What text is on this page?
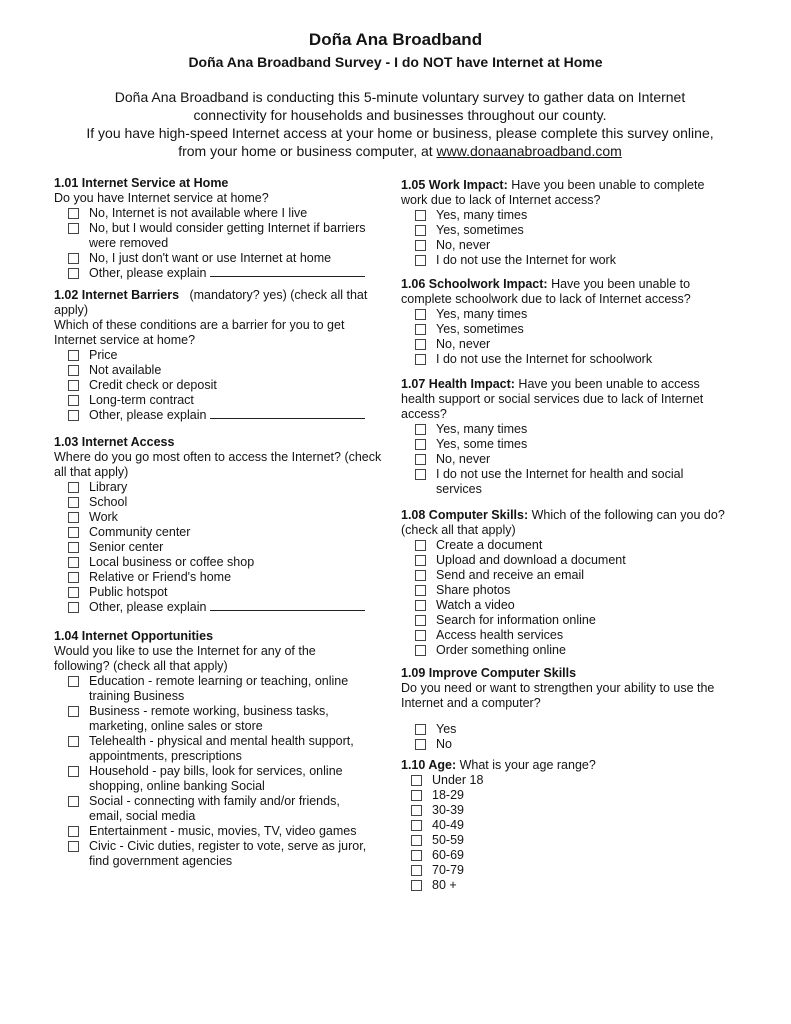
Doña Ana Broadband
Doña Ana Broadband Survey - I do NOT have Internet at Home
Doña Ana Broadband is conducting this 5-minute voluntary survey to gather data on Internet connectivity for households and businesses throughout our county.
If you have high-speed Internet access at your home or business, please complete this survey online, from your home or business computer, at www.donaanabroadband.com

1.01 Internet Service at Home

Do you have Internet service at home?

No, Internet is not available where I live
No, but I would consider getting Internet if barriers were removed
No, I just don't want or use Internet at home
Other, please explain

1.02 Internet Barriers (mandatory? yes) (check all that apply)

Which of these conditions are a barrier for you to get Internet service at home?

Price
Not available
Credit check or deposit
Long-term contract
Other, please explain

1.03 Internet Access

Where do you go most often to access the Internet? (check all that apply)

Library
School
Work
Community center
Senior center
Local business or coffee shop
Relative or Friend's home
Public hotspot
Other, please explain

1.04 Internet Opportunities

Would you like to use the Internet for any of the following? (check all that apply)

Education - remote learning or teaching, online training Business
Business - remote working, business tasks, marketing, online sales or store
Telehealth - physical and mental health support, appointments, prescriptions
Household - pay bills, look for services, online shopping, online banking Social
Social - connecting with family and/or friends, email, social media
Entertainment - music, movies, TV, video games
Civic - Civic duties, register to vote, serve as juror, find government agencies

1.05 Work Impact: Have you been unable to complete work due to lack of Internet access?

Yes, many times
Yes, sometimes
No, never
I do not use the Internet for work

1.06 Schoolwork Impact: Have you been unable to complete schoolwork due to lack of Internet access?

Yes, many times
Yes, sometimes
No, never
I do not use the Internet for schoolwork

1.07 Health Impact: Have you been unable to access health support or social services due to lack of Internet access?

Yes, many times
Yes, some times
No, never
I do not use the Internet for health and social services

1.08 Computer Skills: Which of the following can you do? (check all that apply)

Create a document
Upload and download a document
Send and receive an email
Share photos
Watch a video
Search for information online
Access health services
Order something online

1.09 Improve Computer Skills

Do you need or want to strengthen your ability to use the Internet and a computer?

Yes
No

1.10 Age: What is your age range?

Under 18
18-29
30-39
40-49
50-59
60-69
70-79
80 +
